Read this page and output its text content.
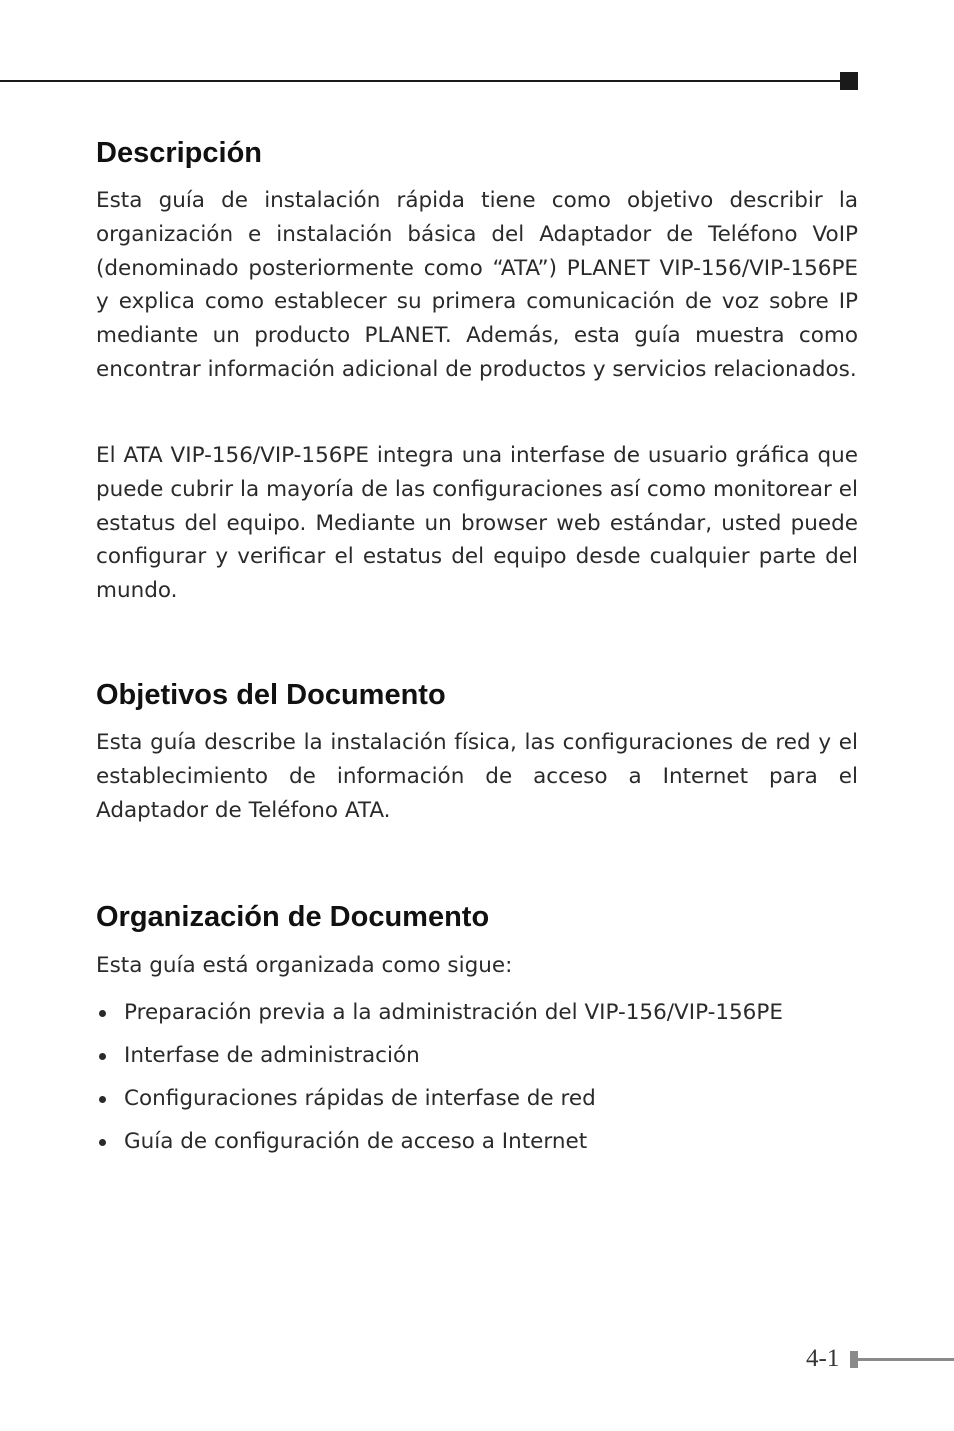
Descripción

Esta guía de instalación rápida tiene como objetivo describir la organización e instalación básica del Adaptador de Teléfono VoIP (denominado posteriormente como “ATA”) PLANET VIP-156/VIP-156PE y explica como establecer su primera comunicación de voz sobre IP mediante un producto PLANET. Además, esta guía muestra como encontrar información adicional de productos y servicios relacionados.

El ATA VIP-156/VIP-156PE integra una interfase de usuario gráfica que puede cubrir la mayoría de las configuraciones así como monitorear el estatus del equipo. Mediante un browser web estándar, usted puede configurar y verificar el estatus del equipo desde cualquier parte del mundo.

Objetivos del Documento

Esta guía describe la instalación física, las configuraciones de red y el establecimiento de información de acceso a Internet para el Adaptador de Teléfono ATA.

Organización de Documento

Esta guía está organizada como sigue:

Preparación previa a la administración del VIP-156/VIP-156PE
Interfase de administración
Configuraciones rápidas de interfase de red
Guía de configuración de acceso a Internet
4-1
